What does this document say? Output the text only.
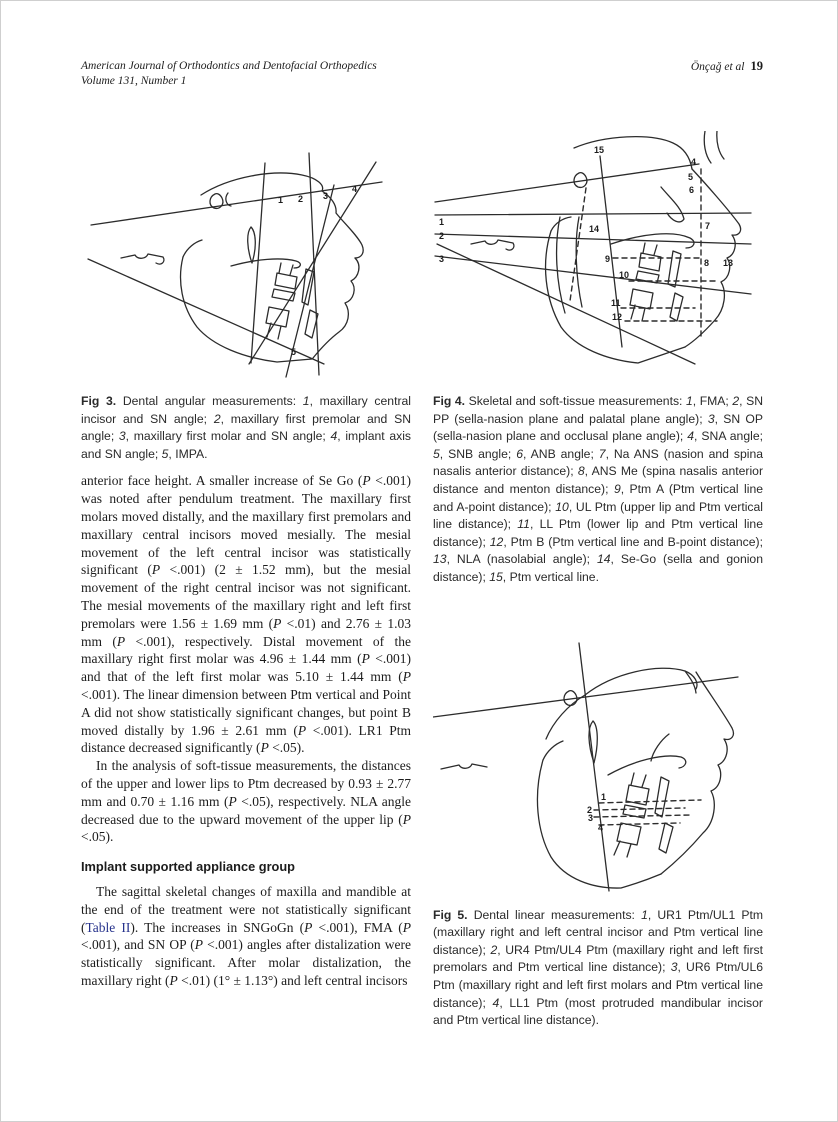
American Journal of Orthodontics and Dentofacial Orthopedics
Volume 131, Number 1
Önçağ et al 19
1 2 3
4
5
Fig 3. Dental angular measurements: 1, maxillary central incisor and SN angle; 2, maxillary first premolar and SN angle; 3, maxillary first molar and SN angle; 4, implant axis and SN angle; 5, IMPA.

anterior face height. A smaller increase of Se Go (P <.001) was noted after pendulum treatment. The maxillary first molars moved distally, and the maxillary first premolars and maxillary central incisors moved mesially. The mesial movement of the left central incisor was statistically significant (P <.001) (2 ± 1.52 mm), but the mesial movement of the right central incisor was not significant. The mesial movements of the maxillary right and left first premolars were 1.56 ± 1.69 mm (P <.01) and 2.76 ± 1.03 mm (P <.001), respectively. Distal movement of the maxillary right first molar was 4.96 ± 1.44 mm (P <.001) and that of the left first molar was 5.10 ± 1.44 mm (P <.001). The linear dimension between Ptm vertical and Point A did not show statistically significant changes, but point B moved distally by 1.96 ± 2.61 mm (P <.001). LR1 Ptm distance decreased significantly (P <.05).

In the analysis of soft-tissue measurements, the distances of the upper and lower lips to Ptm decreased by 0.93 ± 2.77 mm and 0.70 ± 1.16 mm (P <.05), respectively. NLA angle decreased due to the upward movement of the upper lip (P <.05).

Implant supported appliance group

The sagittal skeletal changes of maxilla and mandible at the end of the treatment were not statistically significant (Table II). The increases in SNGoGn (P <.001), FMA (P <.001), and SN OP (P <.001) angles after distalization were statistically significant. After molar distalization, the maxillary right (P <.01) (1° ± 1.13°) and left central incisors

1
2
3
4
5
6
7
8
9
10
11
12
13
14
15
Fig 4. Skeletal and soft-tissue measurements: 1, FMA; 2, SN PP (sella-nasion plane and palatal plane angle); 3, SN OP (sella-nasion plane and occlusal plane angle); 4, SNA angle; 5, SNB angle; 6, ANB angle; 7, Na ANS (nasion and spina nasalis anterior distance); 8, ANS Me (spina nasalis anterior distance and menton distance); 9, Ptm A (Ptm vertical line and A-point distance); 10, UL Ptm (upper lip and Ptm vertical line distance); 11, LL Ptm (lower lip and Ptm vertical line distance); 12, Ptm B (Ptm vertical line and B-point distance); 13, NLA (nasolabial angle); 14, Se-Go (sella and gonion distance); 15, Ptm vertical line.
1
2
3
4
Fig 5. Dental linear measurements: 1, UR1 Ptm/UL1 Ptm (maxillary right and left central incisor and Ptm vertical line distance); 2, UR4 Ptm/UL4 Ptm (maxillary right and left first premolars and Ptm vertical line distance); 3, UR6 Ptm/UL6 Ptm (maxillary right and left first molars and Ptm vertical line distance); 4, LL1 Ptm (most protruded mandibular incisor and Ptm vertical line distance).
